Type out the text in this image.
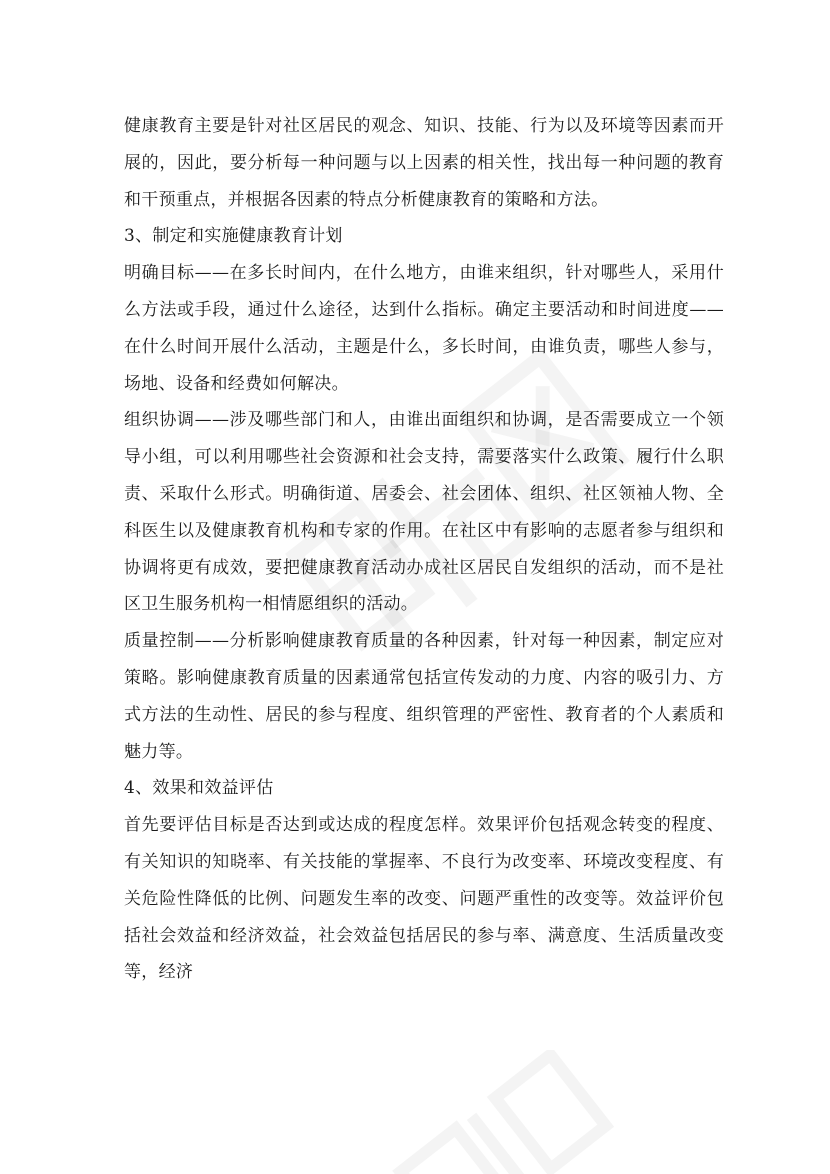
健康教育主要是针对社区居民的观念、知识、技能、行为以及环境等因素而开展的，因此，要分析每一种问题与以上因素的相关性，找出每一种问题的教育和干预重点，并根据各因素的特点分析健康教育的策略和方法。

3、制定和实施健康教育计划

明确目标——在多长时间内，在什么地方，由谁来组织，针对哪些人，采用什么方法或手段，通过什么途径，达到什么指标。确定主要活动和时间进度——在什么时间开展什么活动，主题是什么，多长时间，由谁负责，哪些人参与，场地、设备和经费如何解决。

组织协调——涉及哪些部门和人，由谁出面组织和协调，是否需要成立一个领导小组，可以利用哪些社会资源和社会支持，需要落实什么政策、履行什么职责、采取什么形式。明确街道、居委会、社会团体、组织、社区领袖人物、全科医生以及健康教育机构和专家的作用。在社区中有影响的志愿者参与组织和协调将更有成效，要把健康教育活动办成社区居民自发组织的活动，而不是社区卫生服务机构一相情愿组织的活动。

质量控制——分析影响健康教育质量的各种因素，针对每一种因素，制定应对策略。影响健康教育质量的因素通常包括宣传发动的力度、内容的吸引力、方式方法的生动性、居民的参与程度、组织管理的严密性、教育者的个人素质和魅力等。

4、效果和效益评估

首先要评估目标是否达到或达成的程度怎样。效果评价包括观念转变的程度、有关知识的知晓率、有关技能的掌握率、不良行为改变率、环境改变程度、有关危险性降低的比例、问题发生率的改变、问题严重性的改变等。效益评价包括社会效益和经济效益，社会效益包括居民的参与率、满意度、生活质量改变等，经济
